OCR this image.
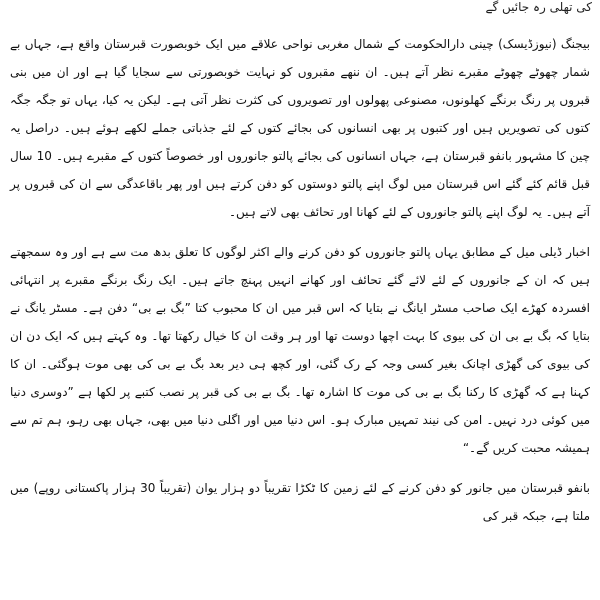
کی تھلی رہ جائیں گے

بیجنگ (نیوزڈیسک) چینی دارالحکومت کے شمال مغربی نواحی علاقے میں ایک خوبصورت قبرستان واقع ہے، جہاں بے شمار چھوٹے چھوٹے مقبرے نظر آتے ہیں۔ ان ننھے مقبروں کو نہایت خوبصورتی سے سجایا گیا ہے اور ان میں بنی قبروں پر رنگ برنگے کھلونوں، مصنوعی پھولوں اور تصویروں کی کثرت نظر آتی ہے۔ لیکن یہ کیا، یہاں تو جگہ جگہ کتوں کی تصویریں ہیں اور کتبوں پر بھی انسانوں کی بجائے کتوں کے لئے جذباتی جملے لکھے ہوئے ہیں۔ دراصل یہ چین کا مشہور بانفو قبرستان ہے، جہاں انسانوں کی بجائے پالتو جانوروں اور خصوصاً کتوں کے مقبرے ہیں۔ 10 سال قبل قائم کئے گئے اس قبرستان میں لوگ اپنے پالتو دوستوں کو دفن کرتے ہیں اور پھر باقاعدگی سے ان کی قبروں پر آتے ہیں۔ یہ لوگ اپنے پالتو جانوروں کے لئے کھانا اور تحائف بھی لاتے ہیں۔

اخبار ڈیلی میل کے مطابق یہاں پالتو جانوروں کو دفن کرنے والے اکثر لوگوں کا تعلق بدھ مت سے ہے اور وہ سمجھتے ہیں کہ ان کے جانوروں کے لئے لائے گئے تحائف اور کھانے انہیں پہنچ جاتے ہیں۔ ایک رنگ برنگے مقبرے پر انتہائی افسردہ کھڑے ایک صاحب مسٹر ایانگ نے بتایا کہ اس قبر میں ان کا محبوب کتا ”بگ بے بی“ دفن ہے۔ مسٹر یانگ نے بتایا کہ بگ بے بی ان کی بیوی کا بہت اچھا دوست تھا اور ہر وقت ان کا خیال رکھتا تھا۔ وہ کہتے ہیں کہ ایک دن ان کی بیوی کی گھڑی اچانک بغیر کسی وجہ کے رک گئی، اور کچھ ہی دیر بعد بگ بے بی کی بھی موت ہوگئی۔ ان کا کہنا ہے کہ گھڑی کا رکنا بگ بے بی کی موت کا اشارہ تھا۔ بگ بے بی کی قبر پر نصب کتبے پر لکھا ہے ”دوسری دنیا میں کوئی درد نہیں۔ امن کی نیند تمہیں مبارک ہو۔ اس دنیا میں اور اگلی دنیا میں بھی، جہاں بھی رہو، ہم تم سے ہمیشہ محبت کریں گے۔“

بانفو قبرستان میں جانور کو دفن کرنے کے لئے زمین کا ٹکڑا تقریباً دو ہزار یوان (تقریباً 30 ہزار پاکستانی روپے) میں ملتا ہے، جبکہ قبر کی
